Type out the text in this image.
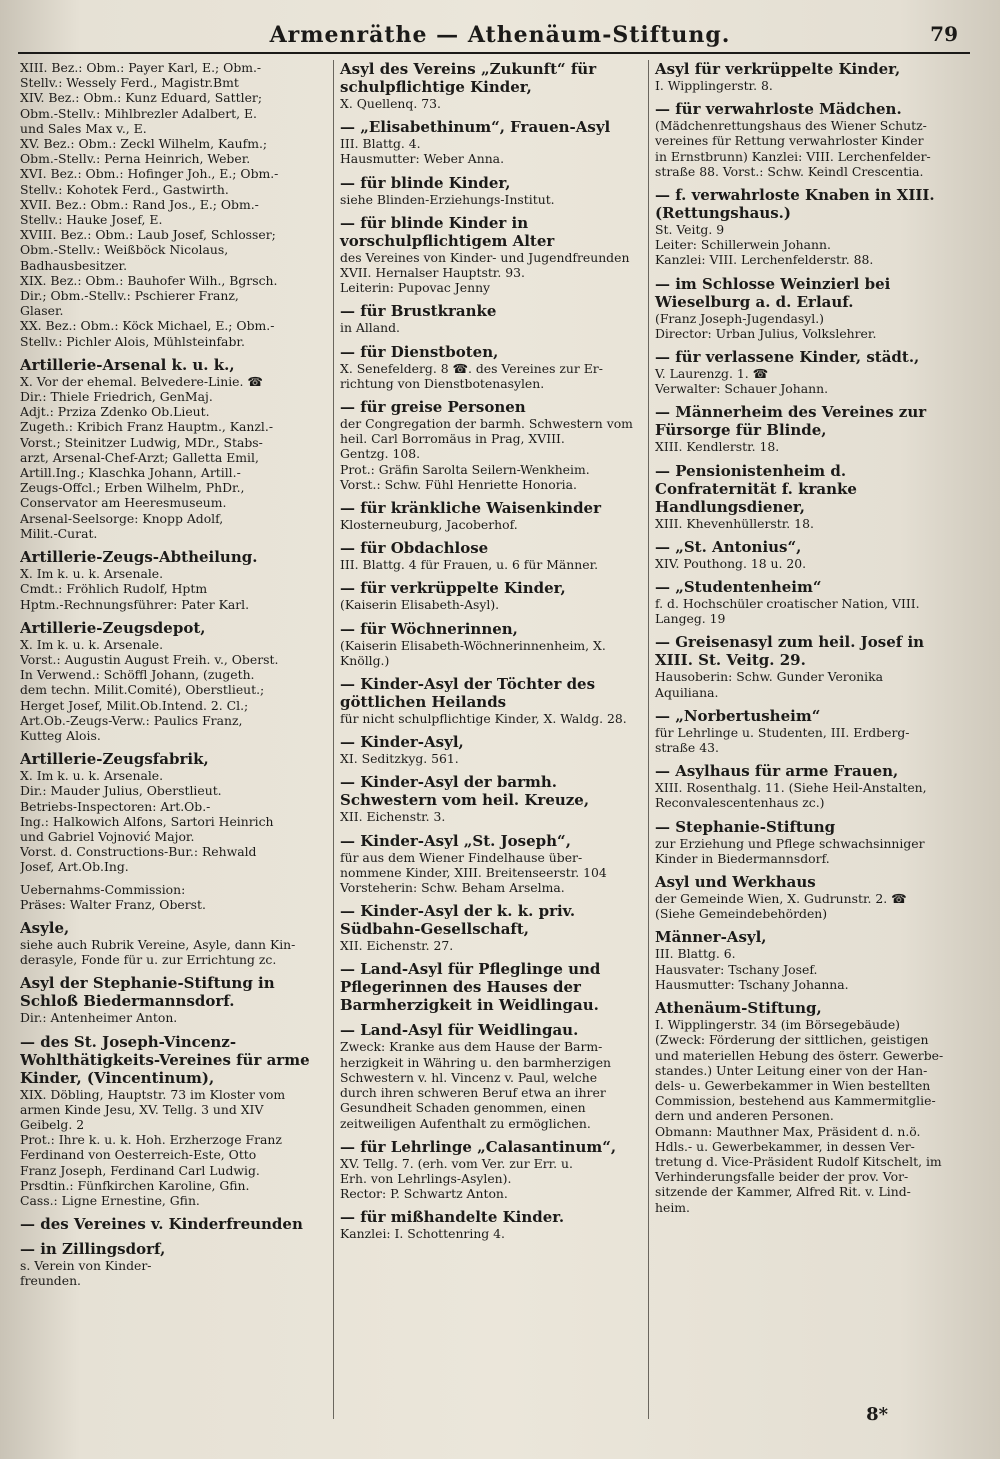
Armenräthe — Athenäum-Stiftung.	79
XIII. Bez.: Obm.: Payer Karl, E.; Obm.-
Stellv.: Wessely Ferd., Magistr.Bmt
XIV. Bez.: Obm.: Kunz Eduard, Sattler;
Obm.-Stellv.: Mihlbrezler Adalbert, E.
und Sales Max v., E.
XV. Bez.: Obm.: Zeckl Wilhelm, Kaufm.;
Obm.-Stellv.: Perna Heinrich, Weber.
XVI. Bez.: Obm.: Hofinger Joh., E.; Obm.-
Stellv.: Kohotek Ferd., Gastwirth.
XVII. Bez.: Obm.: Rand Jos., E.; Obm.-
Stellv.: Hauke Josef, E.
XVIII. Bez.: Obm.: Laub Josef, Schlosser;
Obm.-Stellv.: Weißböck Nicolaus,
Badhausbesitzer.
XIX. Bez.: Obm.: Bauhofer Wilh., Bgrsch.
Dir.; Obm.-Stellv.: Pschierer Franz,
Glaser.
XX. Bez.: Obm.: Köck Michael, E.; Obm.-
Stellv.: Pichler Alois, Mühlsteinfabr.
Artillerie-Arsenal k. u. k.,
X. Vor der ehemal. Belvedere-Linie. ☎
Dir.: Thiele Friedrich, GenMaj.
Adjt.: Prziza Zdenko Ob.Lieut.
Zugeth.: Kribich Franz Hauptm., Kanzl.-
Vorst.; Steinitzer Ludwig, MDr., Stabs-
arzt, Arsenal-Chef-Arzt; Galletta Emil,
Artill.Ing.; Klaschka Johann, Artill.-
Zeugs-Offcl.; Erben Wilhelm, PhDr.,
Conservator am Heeresmuseum.
Arsenal-Seelsorge: Knopp Adolf,
Milit.-Curat.
Artillerie-Zeugs-Abtheilung.
X. Im k. u. k. Arsenale.
Cmdt.: Fröhlich Rudolf, Hptm
Hptm.-Rechnungsführer: Pater Karl.
Artillerie-Zeugsdepot,
X. Im k. u. k. Arsenale.
Vorst.: Augustin August Freih. v., Oberst.
In Verwend.: Schöffl Johann, (zugeth.
dem techn. Milit.Comité), Oberstlieut.;
Herget Josef, Milit.Ob.Intend. 2. Cl.;
Art.Ob.-Zeugs-Verw.: Paulics Franz,
Kutteg Alois.
Artillerie-Zeugsfabrik,
X. Im k. u. k. Arsenale.
Dir.: Mauder Julius, Oberstlieut.
Betriebs-Inspectoren: Art.Ob.-
Ing.: Halkowich Alfons, Sartori Heinrich
und Gabriel Vojnović Major.
Vorst. d. Constructions-Bur.: Rehwald
Josef, Art.Ob.Ing.
Uebernahms-Commission:
Präses: Walter Franz, Oberst.
Asyle,
siehe auch Rubrik Vereine, Asyle, dann Kin-
derasyle, Fonde für u. zur Errichtung zc.
Asyl der Stephanie-Stiftung in Schloß Biedermannsdorf.
Dir.: Antenheimer Anton.
— des St. Joseph-Vincenz-Wohlthätigkeits-Vereines für arme Kinder, (Vincentinum),
XIX. Döbling, Hauptstr. 73 im Kloster vom
armen Kinde Jesu, XV. Tellg. 3 und XIV
Geibelg. 2
Prot.: Ihre k. u. k. Hoh. Erzherzoge Franz
Ferdinand von Oesterreich-Este, Otto
Franz Joseph, Ferdinand Carl Ludwig.
Prsdtin.: Fünfkirchen Karoline, Gfin.
Cass.: Ligne Ernestine, Gfin.
— des Vereines v. Kinderfreunden
— in Zillingsdorf,
s. Verein von Kinder-
freunden.
Asyl des Vereins „Zukunft“ für schulpflichtige Kinder,
X. Quellenq. 73.
— „Elisabethinum“, Frauen-Asyl
III. Blattg. 4.
Hausmutter: Weber Anna.
— für blinde Kinder,
siehe Blinden-Erziehungs-Institut.
— für blinde Kinder in vorschulpflichtigem Alter
des Vereines von Kinder- und Jugendfreunden
XVII. Hernalser Hauptstr. 93.
Leiterin: Pupovac Jenny
— für Brustkranke
in Alland.
— für Dienstboten,
X. Senefelderg. 8 ☎. des Vereines zur Er-
richtung von Dienstbotenasylen.
— für greise Personen
der Congregation der barmh. Schwestern vom
heil. Carl Borromäus in Prag, XVIII.
Gentzg. 108.
Prot.: Gräfin Sarolta Seilern-Wenkheim.
Vorst.: Schw. Fühl Henriette Honoria.
— für kränkliche Waisenkinder
Klosterneuburg, Jacoberhof.
— für Obdachlose
III. Blattg. 4 für Frauen, u. 6 für Männer.
— für verkrüppelte Kinder,
(Kaiserin Elisabeth-Asyl).
— für Wöchnerinnen,
(Kaiserin Elisabeth-Wöchnerinnenheim, X.
Knöllg.)
— Kinder-Asyl der Töchter des göttlichen Heilands
für nicht schulpflichtige Kinder, X. Waldg. 28.
— Kinder-Asyl,
XI. Seditzkyg. 561.
— Kinder-Asyl der barmh. Schwestern vom heil. Kreuze,
XII. Eichenstr. 3.
— Kinder-Asyl „St. Joseph“,
für aus dem Wiener Findelhause über-
nommene Kinder, XIII. Breitenseerstr. 104
Vorsteherin: Schw. Beham Arselma.
— Kinder-Asyl der k. k. priv. Südbahn-Gesellschaft,
XII. Eichenstr. 27.
— Land-Asyl für Pfleglinge und Pflegerinnen des Hauses der Barmherzigkeit in Weidlingau.
— Land-Asyl für Weidlingau.
Zweck: Kranke aus dem Hause der Barm-
herzigkeit in Währing u. den barmherzigen
Schwestern v. hl. Vincenz v. Paul, welche
durch ihren schweren Beruf etwa an ihrer
Gesundheit Schaden genommen, einen
zeitweiligen Aufenthalt zu ermöglichen.
— für Lehrlinge „Calasantinum“,
XV. Tellg. 7. (erh. vom Ver. zur Err. u.
Erh. von Lehrlings-Asylen).
Rector: P. Schwartz Anton.
— für mißhandelte Kinder.
Kanzlei: I. Schottenring 4.
Asyl für verkrüppelte Kinder,
I. Wipplingerstr. 8.
— für verwahrloste Mädchen.
(Mädchenrettungshaus des Wiener Schutz-
vereines für Rettung verwahrloster Kinder
in Ernstbrunn) Kanzlei: VIII. Lerchenfelder-
straße 88. Vorst.: Schw. Keindl Crescentia.
— f. verwahrloste Knaben in XIII. (Rettungshaus.)
St. Veitg. 9
Leiter: Schillerwein Johann.
Kanzlei: VIII. Lerchenfelderstr. 88.
— im Schlosse Weinzierl bei Wieselburg a. d. Erlauf.
(Franz Joseph-Jugendasyl.)
Director: Urban Julius, Volkslehrer.
— für verlassene Kinder, städt.,
V. Laurenzg. 1. ☎
Verwalter: Schauer Johann.
— Männerheim des Vereines zur Fürsorge für Blinde,
XIII. Kendlerstr. 18.
— Pensionistenheim d. Confraternität f. kranke Handlungsdiener,
XIII. Khevenhüllerstr. 18.
— „St. Antonius“,
XIV. Pouthong. 18 u. 20.
— „Studentenheim“
f. d. Hochschüler croatischer Nation, VIII.
Langeg. 19
— Greisenasyl zum heil. Josef in XIII. St. Veitg. 29.
Hausoberin: Schw. Gunder Veronika
Aquiliana.
— „Norbertusheim“
für Lehrlinge u. Studenten, III. Erdberg-
straße 43.
— Asylhaus für arme Frauen,
XIII. Rosenthalg. 11. (Siehe Heil-Anstalten,
Reconvalescentenhaus zc.)
— Stephanie-Stiftung
zur Erziehung und Pflege schwachsinniger
Kinder in Biedermannsdorf.
Asyl und Werkhaus
der Gemeinde Wien, X. Gudrunstr. 2. ☎
(Siehe Gemeindebehörden)
Männer-Asyl,
III. Blattg. 6.
Hausvater: Tschany Josef.
Hausmutter: Tschany Johanna.
Athenäum-Stiftung,
I. Wipplingerstr. 34 (im Börsegebäude)
(Zweck: Förderung der sittlichen, geistigen
und materiellen Hebung des österr. Gewerbe-
standes.) Unter Leitung einer von der Han-
dels- u. Gewerbekammer in Wien bestellten
Commission, bestehend aus Kammermitglie-
dern und anderen Personen.
Obmann: Mauthner Max, Präsident d. n.ö.
Hdls.- u. Gewerbekammer, in dessen Ver-
tretung d. Vice-Präsident Rudolf Kitschelt, im
Verhinderungsfalle beider der prov. Vor-
sitzende der Kammer, Alfred Rit. v. Lind-
heim.
8*
